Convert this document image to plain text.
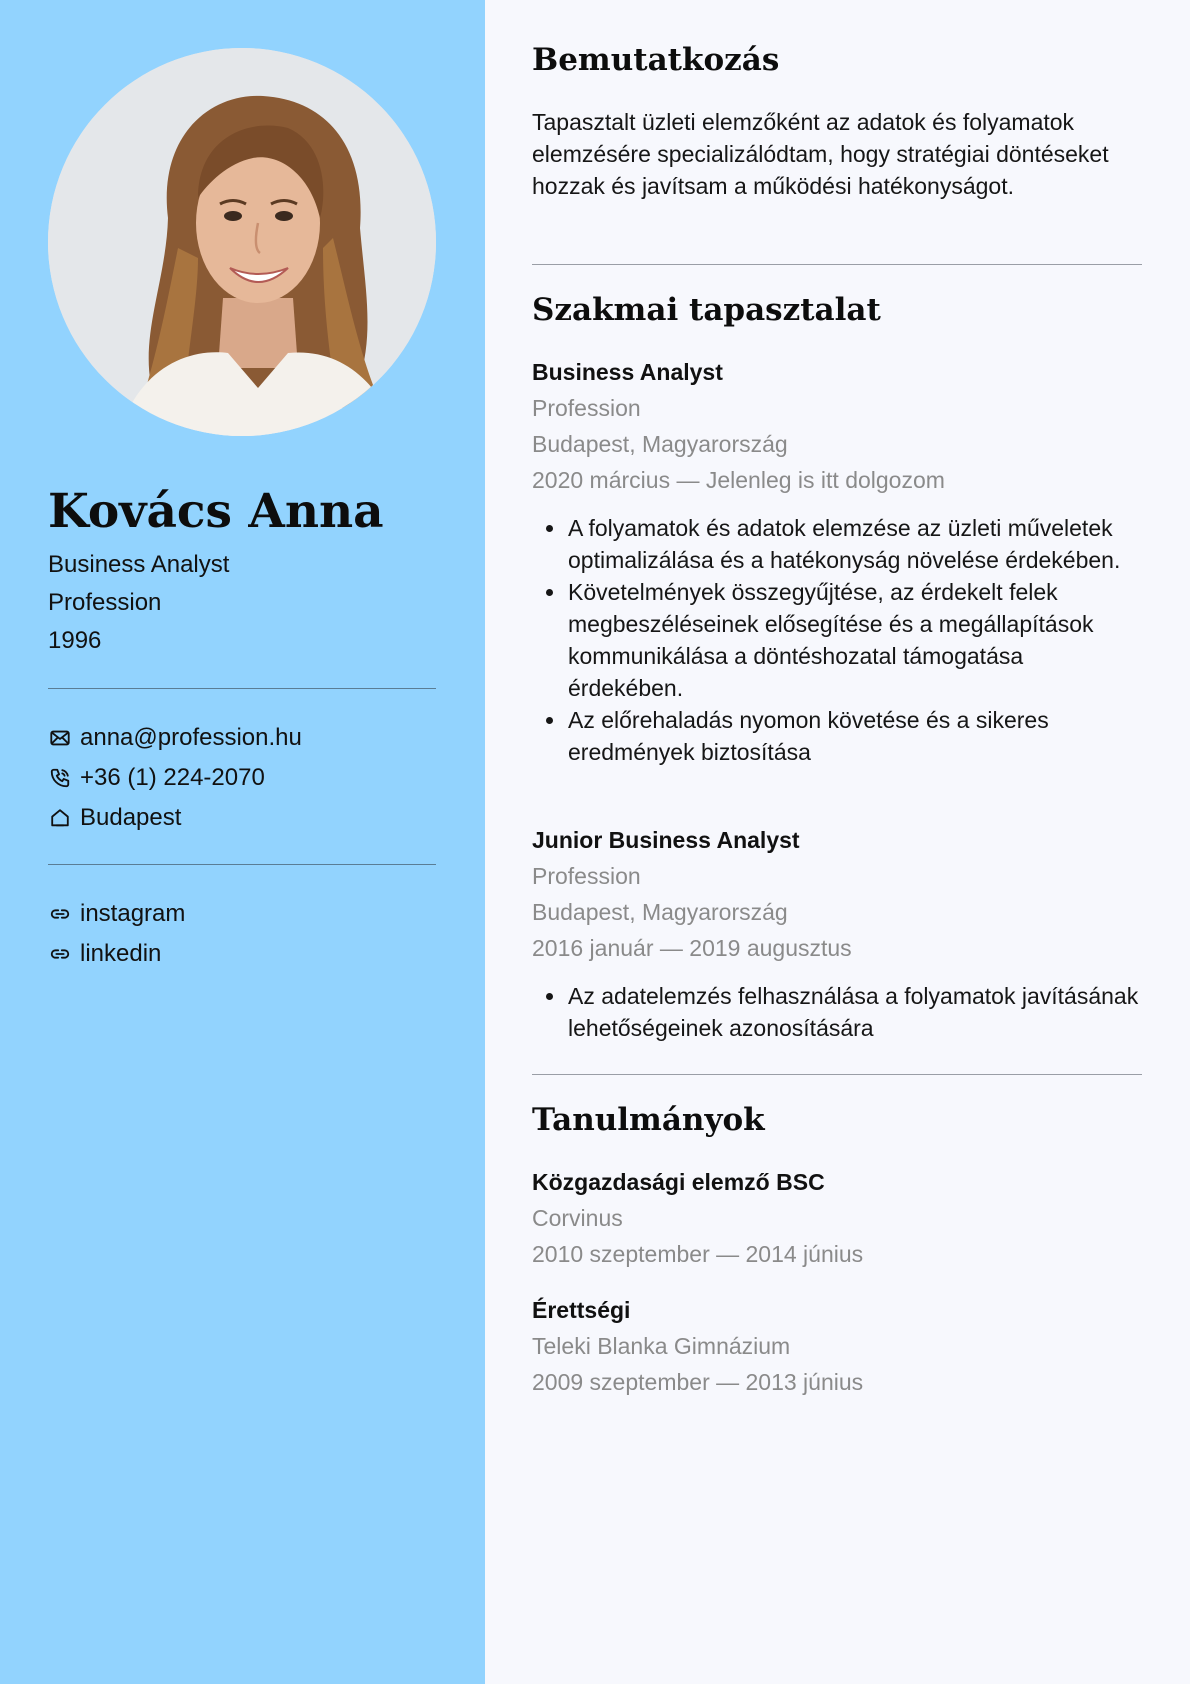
Kovács Anna
Business Analyst
Profession
1996
anna@profession.hu
+36 (1) 224-2070
Budapest
instagram
linkedin
Bemutatkozás
Tapasztalt üzleti elemzőként az adatok és folyamatok elemzésére specializálódtam, hogy stratégiai döntéseket hozzak és javítsam a működési hatékonyságot.
Szakmai tapasztalat
Business Analyst
Profession
Budapest, Magyarország
2020 március — Jelenleg is itt dolgozom
A folyamatok és adatok elemzése az üzleti műveletek optimalizálása és a hatékonyság növelése érdekében.
Követelmények összegyűjtése, az érdekelt felek megbeszéléseinek elősegítése és a megállapítások kommunikálása a döntéshozatal támogatása érdekében.
Az előrehaladás nyomon követése és a sikeres eredmények biztosítása
Junior Business Analyst
Profession
Budapest, Magyarország
2016 január — 2019 augusztus
Az adatelemzés felhasználása a folyamatok javításának lehetőségeinek azonosítására
Tanulmányok
Közgazdasági elemző BSC
Corvinus
2010 szeptember — 2014 június
Érettségi
Teleki Blanka Gimnázium
2009 szeptember — 2013 június
